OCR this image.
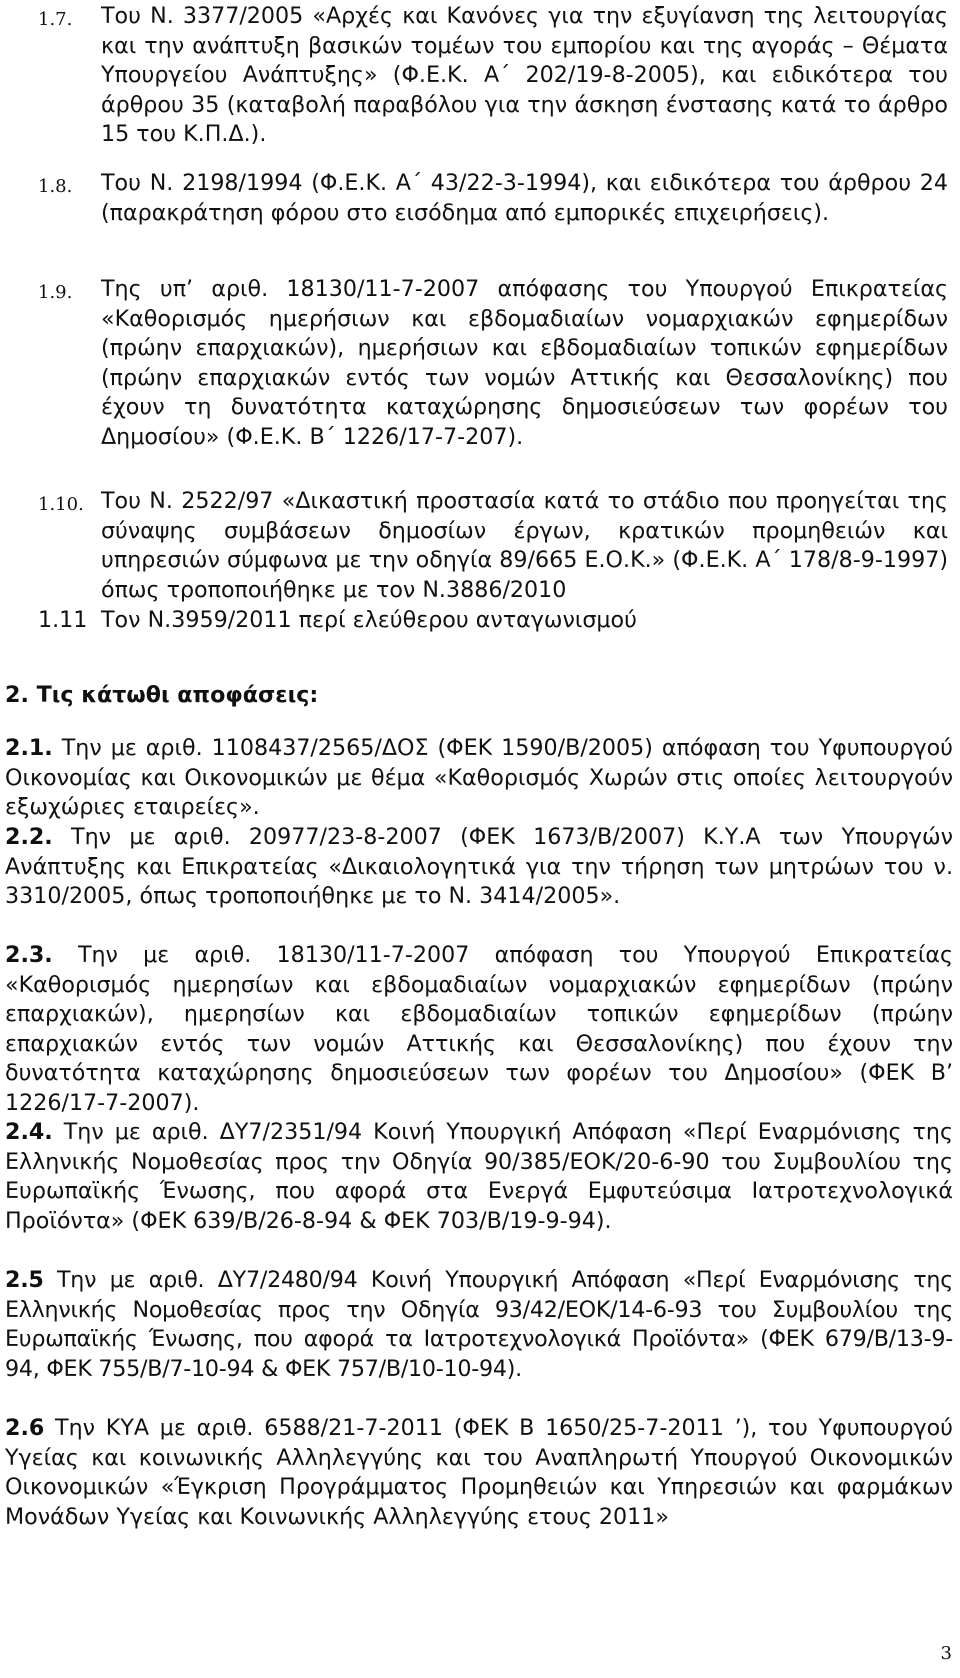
1.7. Του Ν. 3377/2005 «Αρχές και Κανόνες για την εξυγίανση της λειτουργίας και την ανάπτυξη βασικών τομέων του εμπορίου και της αγοράς – Θέματα Υπουργείου Ανάπτυξης» (Φ.Ε.Κ. Α΄ 202/19-8-2005), και ειδικότερα του άρθρου 35 (καταβολή παραβόλου για την άσκηση ένστασης κατά το άρθρο 15 του Κ.Π.Δ.).
1.8. Του Ν. 2198/1994 (Φ.Ε.Κ. Α΄ 43/22-3-1994), και ειδικότερα του άρθρου 24 (παρακράτηση φόρου στο εισόδημα από εμπορικές επιχειρήσεις).
1.9. Της υπ’ αριθ. 18130/11-7-2007 απόφασης του Υπουργού Επικρατείας «Καθορισμός ημερήσιων και εβδομαδιαίων νομαρχιακών εφημερίδων (πρώην επαρχιακών), ημερήσιων και εβδομαδιαίων τοπικών εφημερίδων (πρώην επαρχιακών εντός των νομών Αττικής και Θεσσαλονίκης) που έχουν τη δυνατότητα καταχώρησης δημοσιεύσεων των φορέων του Δημοσίου» (Φ.Ε.Κ. Β΄ 1226/17-7-207).
1.10. Του Ν. 2522/97 «Δικαστική προστασία κατά το στάδιο που προηγείται της σύναψης συμβάσεων δημοσίων έργων, κρατικών προμηθειών και υπηρεσιών σύμφωνα με την οδηγία 89/665 Ε.Ο.Κ.» (Φ.Ε.Κ. Α΄ 178/8-9-1997) όπως τροποποιήθηκε με τον Ν.3886/2010
1.11 Τον Ν.3959/2011 περί ελεύθερου ανταγωνισμού
2. Τις κάτωθι αποφάσεις:
2.1. Την με αριθ. 1108437/2565/ΔΟΣ (ΦΕΚ 1590/Β/2005) απόφαση του Υφυπουργού Οικονομίας και Οικονομικών με θέμα «Καθορισμός Χωρών στις οποίες λειτουργούν εξωχώριες εταιρείες».
2.2. Την με αριθ. 20977/23-8-2007 (ΦΕΚ 1673/Β/2007) Κ.Υ.Α των Υπουργών Ανάπτυξης και Επικρατείας «Δικαιολογητικά για την τήρηση των μητρώων του ν. 3310/2005, όπως τροποποιήθηκε με το Ν. 3414/2005».
2.3. Την με αριθ. 18130/11-7-2007 απόφαση του Υπουργού Επικρατείας «Καθορισμός ημερησίων και εβδομαδιαίων νομαρχιακών εφημερίδων (πρώην επαρχιακών), ημερησίων και εβδομαδιαίων τοπικών εφημερίδων (πρώην επαρχιακών εντός των νομών Αττικής και Θεσσαλονίκης) που έχουν την δυνατότητα καταχώρησης δημοσιεύσεων των φορέων του Δημοσίου» (ΦΕΚ Β’ 1226/17-7-2007).
2.4. Την με αριθ. ΔΥ7/2351/94 Κοινή Υπουργική Απόφαση «Περί Εναρμόνισης της Ελληνικής Νομοθεσίας προς την Οδηγία 90/385/ΕΟΚ/20-6-90 του Συμβουλίου της Ευρωπαϊκής Ένωσης, που αφορά στα Ενεργά Εμφυτεύσιμα Ιατροτεχνολογικά Προϊόντα» (ΦΕΚ 639/Β/26-8-94 & ΦΕΚ 703/Β/19-9-94).
2.5 Την με αριθ. ΔΥ7/2480/94 Κοινή Υπουργική Απόφαση «Περί Εναρμόνισης της Ελληνικής Νομοθεσίας προς την Οδηγία 93/42/ΕΟΚ/14-6-93 του Συμβουλίου της Ευρωπαϊκής Ένωσης, που αφορά τα Ιατροτεχνολογικά Προϊόντα» (ΦΕΚ 679/Β/13-9-94, ΦΕΚ 755/Β/7-10-94 & ΦΕΚ 757/Β/10-10-94).
2.6 Την ΚΥΑ με αριθ. 6588/21-7-2011 (ΦΕΚ Β 1650/25-7-2011 ’), του Υφυπουργού Υγείας και κοινωνικής Αλληλεγγύης και του Αναπληρωτή Υπουργού Οικονομικών Οικονομικών «Έγκριση Προγράμματος Προμηθειών και Υπηρεσιών και φαρμάκων Μονάδων Υγείας και Κοινωνικής Αλληλεγγύης ετους 2011»
3
